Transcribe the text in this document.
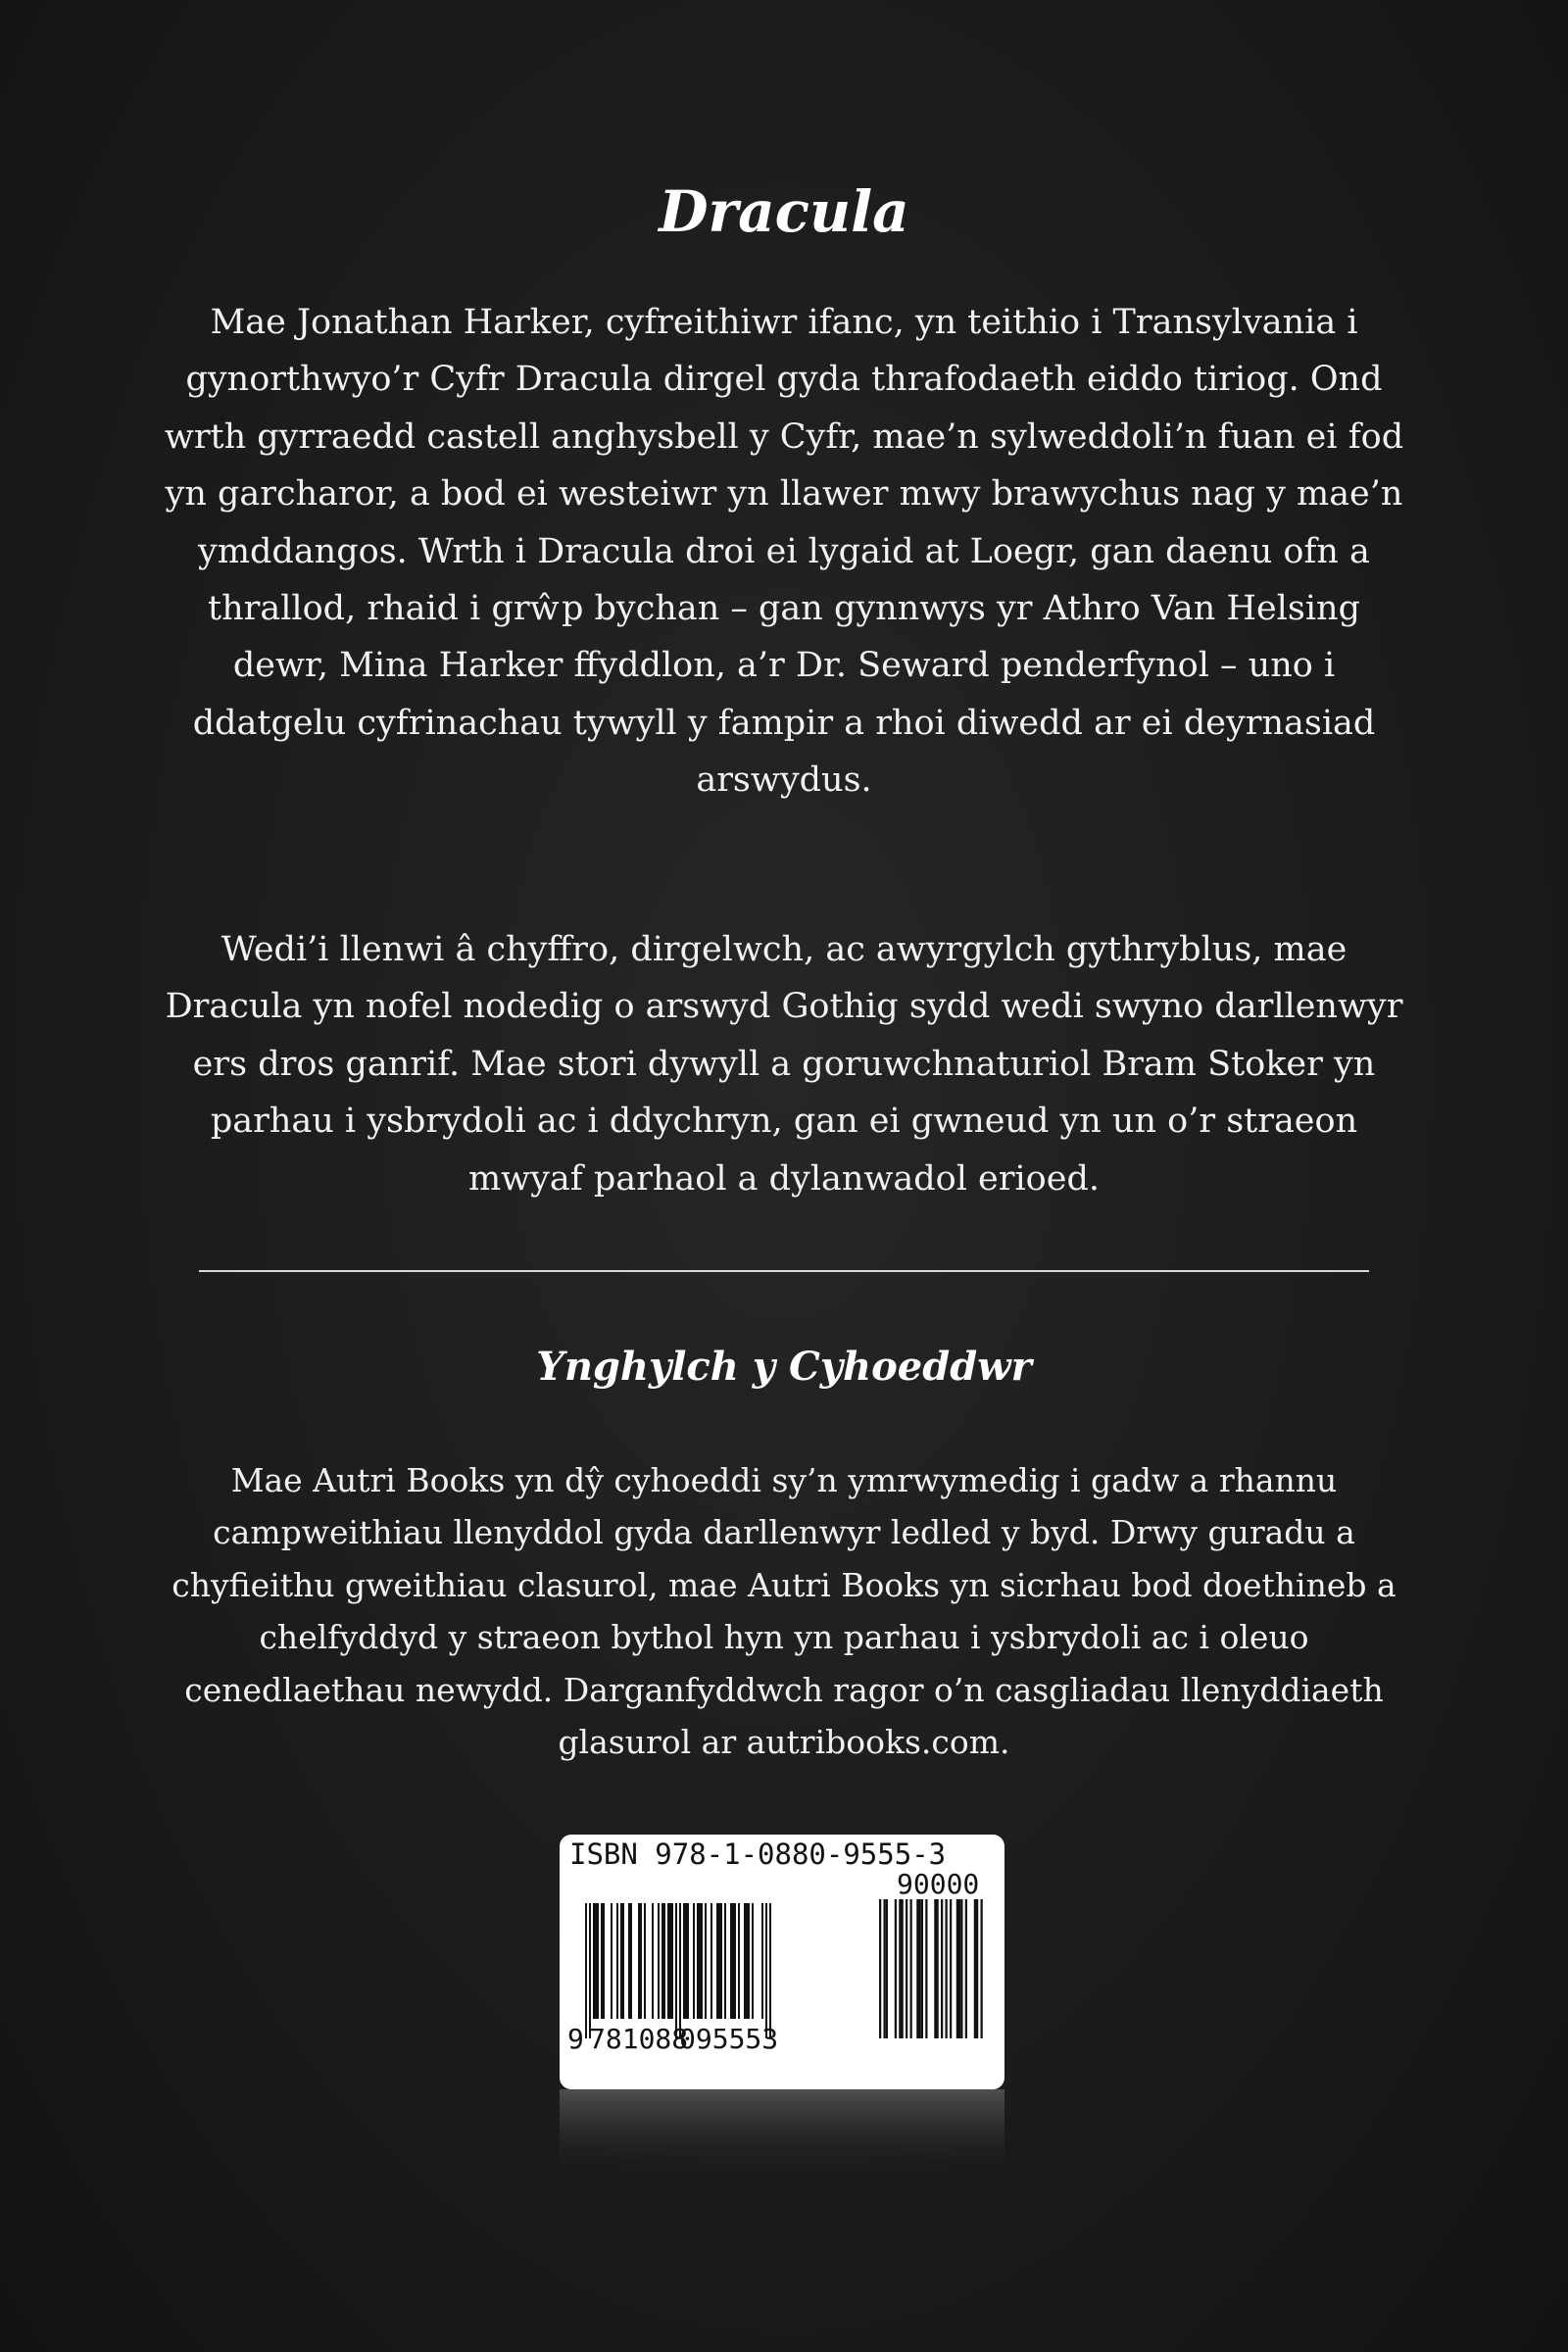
Dracula

Mae Jonathan Harker, cyfreithiwr ifanc, yn teithio i Transylvania i gynorthwyo’r Cyfr Dracula dirgel gyda thrafodaeth eiddo tiriog. Ond wrth gyrraedd castell anghysbell y Cyfr, mae’n sylweddoli’n fuan ei fod yn garcharor, a bod ei westeiwr yn llawer mwy brawychus nag y mae’n ymddangos. Wrth i Dracula droi ei lygaid at Loegr, gan daenu ofn a thrallod, rhaid i grŵp bychan – gan gynnwys yr Athro Van Helsing dewr, Mina Harker ffyddlon, a’r Dr. Seward penderfynol – uno i ddatgelu cyfrinachau tywyll y fampir a rhoi diwedd ar ei deyrnasiad arswydus.

Wedi’i llenwi â chyffro, dirgelwch, ac awyrgylch gythryblus, mae Dracula yn nofel nodedig o arswyd Gothig sydd wedi swyno darllenwyr ers dros ganrif. Mae stori dywyll a goruwchnaturiol Bram Stoker yn parhau i ysbrydoli ac i ddychryn, gan ei gwneud yn un o’r straeon mwyaf parhaol a dylanwadol erioed.

Ynghylch y Cyhoeddwr

Mae Autri Books yn dŷ cyhoeddi sy’n ymrwymedig i gadw a rhannu campweithiau llenyddol gyda darllenwyr ledled y byd. Drwy guradu a chyfieithu gweithiau clasurol, mae Autri Books yn sicrhau bod doethineb a chelfyddyd y straeon bythol hyn yn parhau i ysbrydoli ac i oleuo cenedlaethau newydd. Darganfyddwch ragor o’n casgliadau llenyddiaeth glasurol ar autribooks.com.

ISBN 978-1-0880-9555-3
9 781088
095553
90000
